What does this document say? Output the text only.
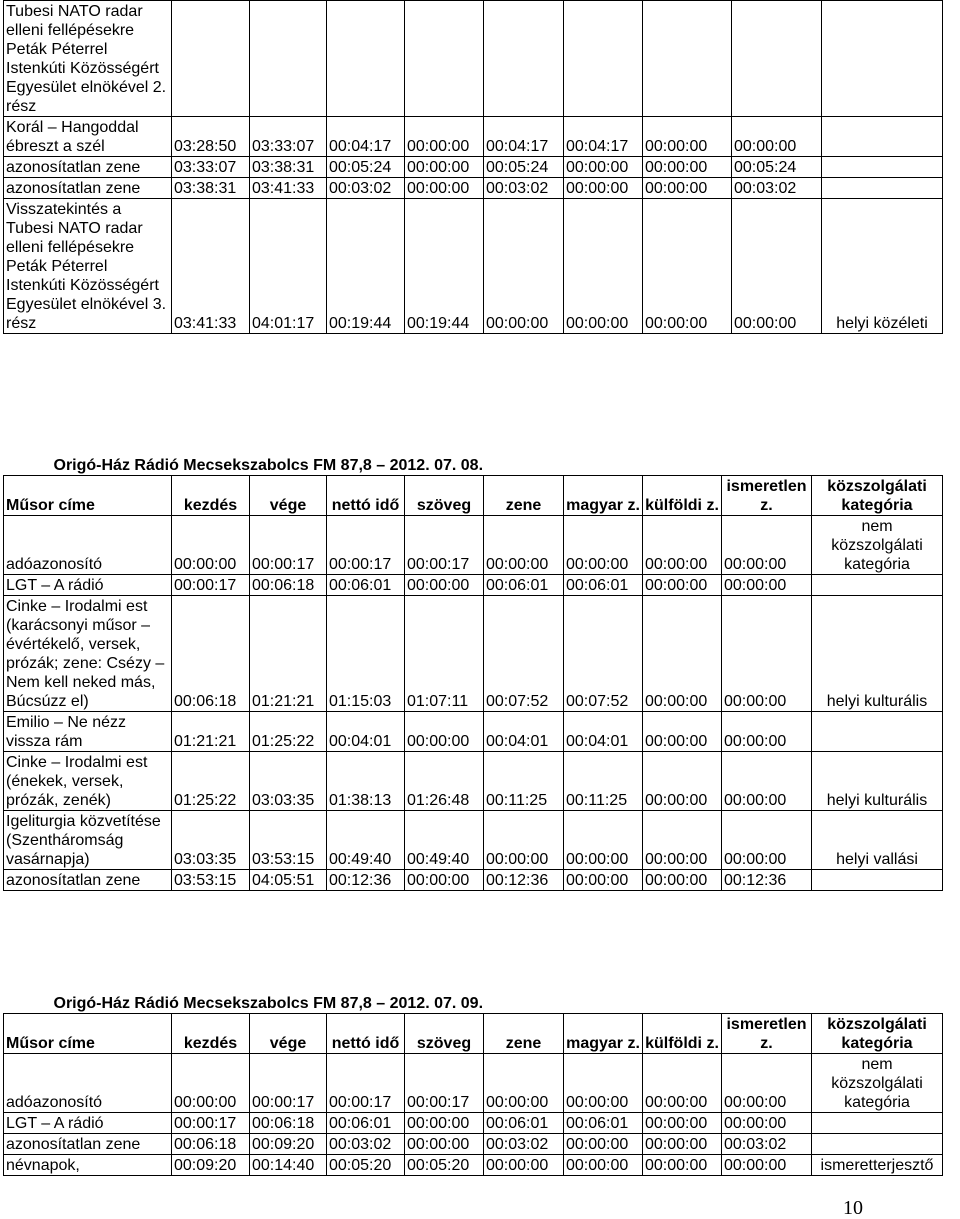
Tubesi NATO radar elleni fellépésekre Peták Péterrel Istenkúti Közösségért Egyesület elnökével 2. rész									
Korál – Hangoddal ébreszt a szél	03:28:50	03:33:07	00:04:17	00:00:00	00:04:17	00:04:17	00:00:00	00:00:00	
azonosítatlan zene	03:33:07	03:38:31	00:05:24	00:00:00	00:05:24	00:00:00	00:00:00	00:05:24	
azonosítatlan zene	03:38:31	03:41:33	00:03:02	00:00:00	00:03:02	00:00:00	00:00:00	00:03:02	
Visszatekintés a Tubesi NATO radar elleni fellépésekre Peták Péterrel Istenkúti Közösségért Egyesület elnökével 3. rész	03:41:33	04:01:17	00:19:44	00:19:44	00:00:00	00:00:00	00:00:00	00:00:00	helyi közéleti
Origó-Ház Rádió Mecsekszabolcs FM 87,8 – 2012. 07. 08.									
Műsor címe	kezdés	vége	nettó idő	szöveg	zene	magyar z.	külföldi z.	ismeretlen z.	közszolgálati kategória
adóazonosító	00:00:00	00:00:17	00:00:17	00:00:17	00:00:00	00:00:00	00:00:00	00:00:00	nem közszolgálati kategória
LGT – A rádió	00:00:17	00:06:18	00:06:01	00:00:00	00:06:01	00:06:01	00:00:00	00:00:00	
Cinke – Irodalmi est (karácsonyi műsor – évértékelő, versek, prózák; zene: Csézy – Nem kell neked más, Búcsúzz el)	00:06:18	01:21:21	01:15:03	01:07:11	00:07:52	00:07:52	00:00:00	00:00:00	helyi kulturális
Emilio – Ne nézz vissza rám	01:21:21	01:25:22	00:04:01	00:00:00	00:04:01	00:04:01	00:00:00	00:00:00	
Cinke – Irodalmi est (énekek, versek, prózák, zenék)	01:25:22	03:03:35	01:38:13	01:26:48	00:11:25	00:11:25	00:00:00	00:00:00	helyi kulturális
Igeliturgia közvetítése (Szentháromság vasárnapja)	03:03:35	03:53:15	00:49:40	00:49:40	00:00:00	00:00:00	00:00:00	00:00:00	helyi vallási
azonosítatlan zene	03:53:15	04:05:51	00:12:36	00:00:00	00:12:36	00:00:00	00:00:00	00:12:36	
Origó-Ház Rádió Mecsekszabolcs FM 87,8 – 2012. 07. 09.									
Műsor címe	kezdés	vége	nettó idő	szöveg	zene	magyar z.	külföldi z.	ismeretlen z.	közszolgálati kategória
adóazonosító	00:00:00	00:00:17	00:00:17	00:00:17	00:00:00	00:00:00	00:00:00	00:00:00	nem közszolgálati kategória
LGT – A rádió	00:00:17	00:06:18	00:06:01	00:00:00	00:06:01	00:06:01	00:00:00	00:00:00	
azonosítatlan zene	00:06:18	00:09:20	00:03:02	00:00:00	00:03:02	00:00:00	00:00:00	00:03:02	
névnapok,	00:09:20	00:14:40	00:05:20	00:05:20	00:00:00	00:00:00	00:00:00	00:00:00	ismeretterjesztő
10
